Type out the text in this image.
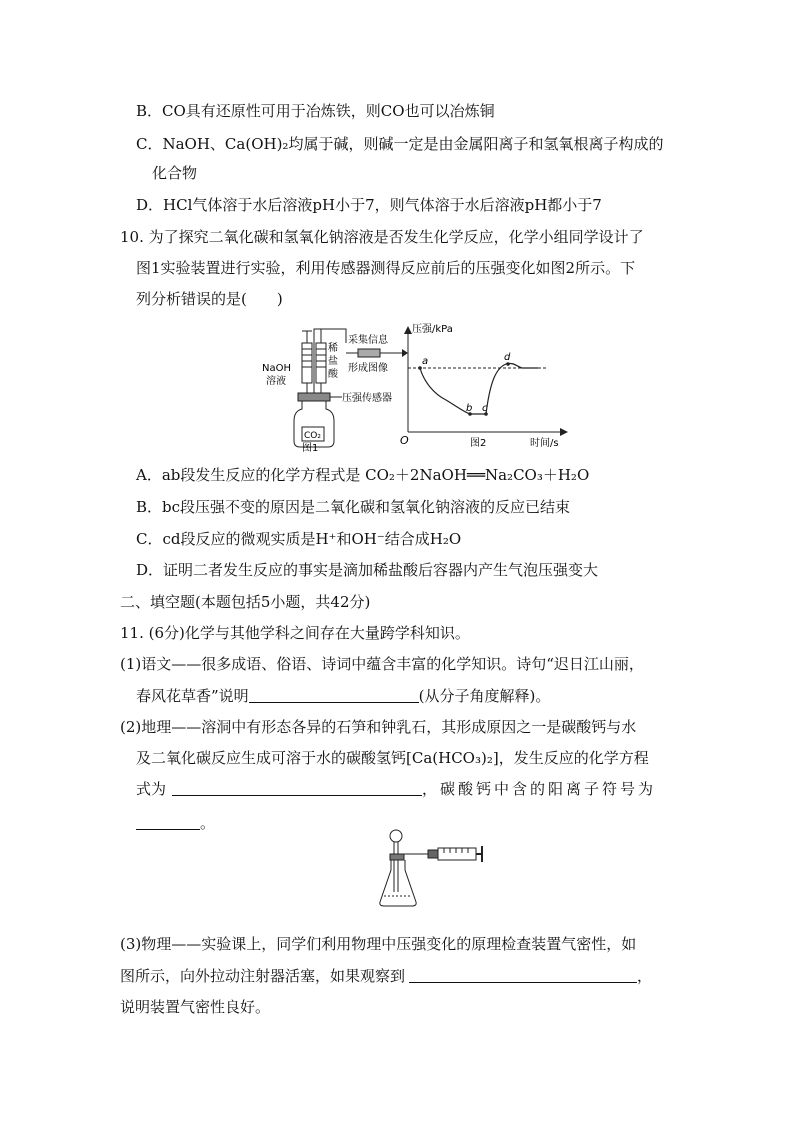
B．CO具有还原性可用于冶炼铁，则CO也可以冶炼铜
C．NaOH、Ca(OH)₂均属于碱，则碱一定是由金属阳离子和氢氧根离子构成的
化合物
D．HCl气体溶于水后溶液pH小于7，则气体溶于水后溶液pH都小于7
10. 为了探究二氧化碳和氢氧化钠溶液是否发生化学反应，化学小组同学设计了
图1实验装置进行实验，利用传感器测得反应前后的压强变化如图2所示。下
列分析错误的是(　　)
NaOH
溶液
稀
盐
酸
CO₂
压强传感器
采集信息
形成图像
图1
压强/kPa
a
b c
d
O	时间/s
图2
A．ab段发生反应的化学方程式是 CO₂＋2NaOH══Na₂CO₃＋H₂O
B．bc段压强不变的原因是二氧化碳和氢氧化钠溶液的反应已结束
C．cd段反应的微观实质是H⁺和OH⁻结合成H₂O
D．证明二者发生反应的事实是滴加稀盐酸后容器内产生气泡压强变大
二、填空题(本题包括5小题，共42分)
11. (6分)化学与其他学科之间存在大量跨学科知识。
(1)语文——很多成语、俗语、诗词中蕴含丰富的化学知识。诗句“迟日江山丽，
春风花草香”说明	(从分子角度解释)。
(2)地理——溶洞中有形态各异的石笋和钟乳石，其形成原因之一是碳酸钙与水
及二氧化碳反应生成可溶于水的碳酸氢钙[Ca(HCO₃)₂]，发生反应的化学方程
式为	，碳酸钙中含的阳离子符号为
。
(3)物理——实验课上，同学们利用物理中压强变化的原理检查装置气密性，如
图所示，向外拉动注射器活塞，如果观察到	，
说明装置气密性良好。
